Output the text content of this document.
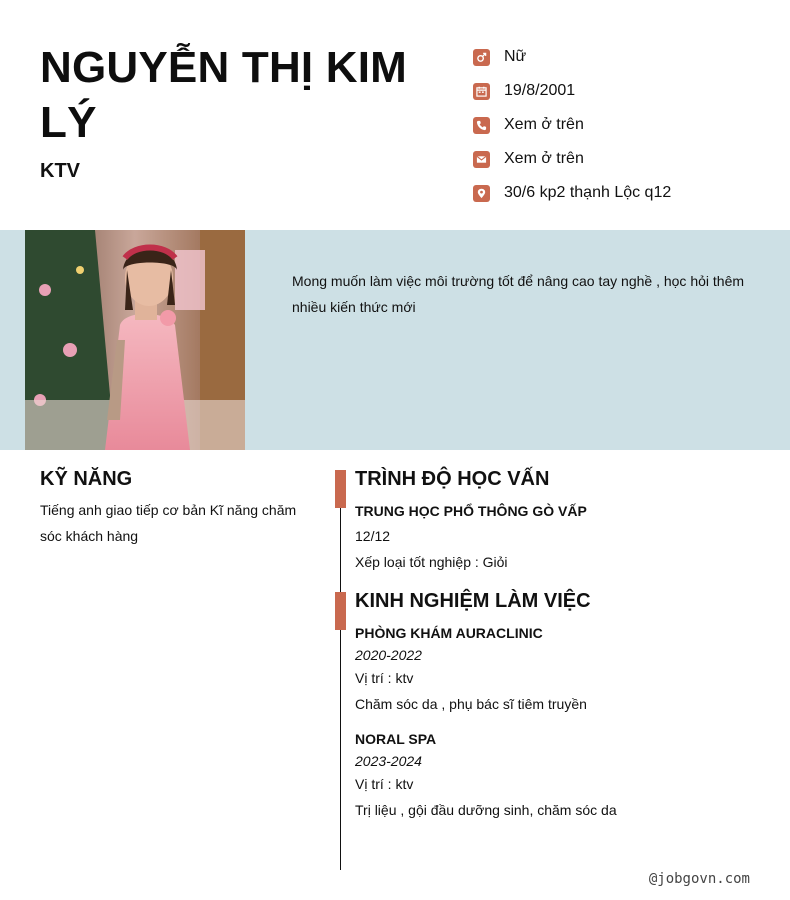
NGUYỄN THỊ KIM LÝ
KTV
Nữ
19/8/2001
Xem ở trên
Xem ở trên
30/6 kp2 thạnh Lộc q12
Mong muốn làm việc môi trường tốt để nâng cao tay nghề , học hỏi thêm nhiều kiến thức mới
KỸ NĂNG
Tiếng anh giao tiếp cơ bản Kĩ năng chăm sóc khách hàng
TRÌNH ĐỘ HỌC VẤN
TRUNG HỌC PHỔ THÔNG GÒ VẤP
12/12
Xếp loại tốt nghiệp : Giỏi
KINH NGHIỆM LÀM VIỆC
PHÒNG KHÁM AURACLINIC
2020-2022
Vị trí : ktv
Chăm sóc da , phụ bác sĩ tiêm truyền
NORAL SPA
2023-2024
Vị trí : ktv
Trị liệu , gội đầu dưỡng sinh, chăm sóc da
@jobgovn.com
